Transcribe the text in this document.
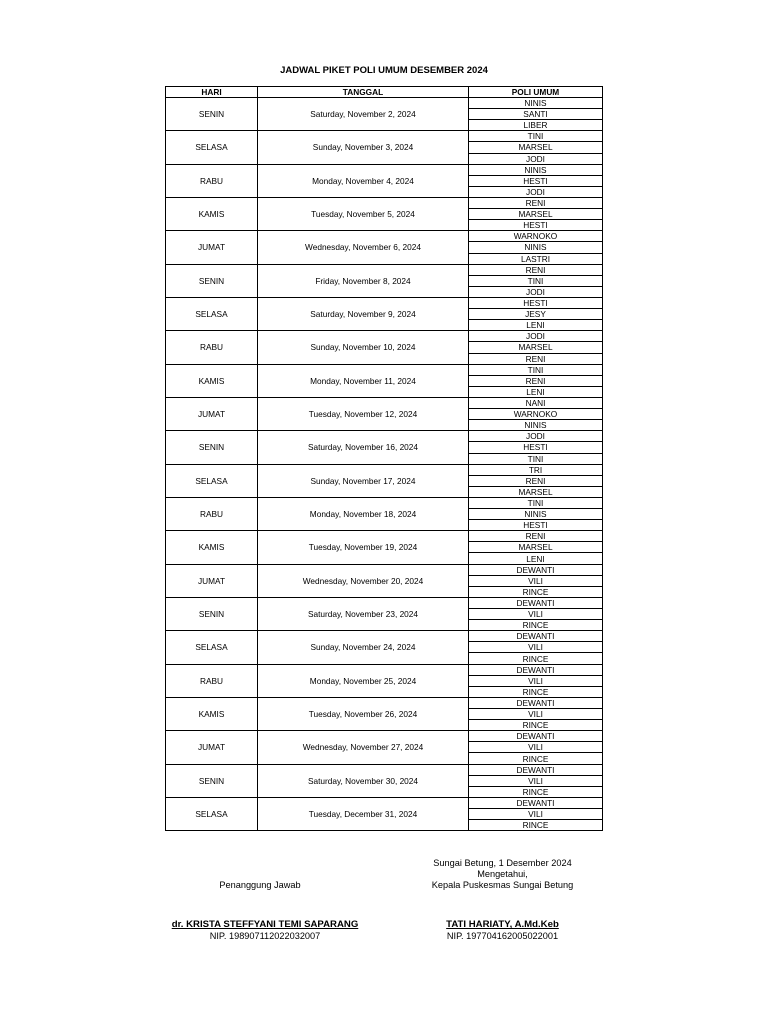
JADWAL PIKET POLI UMUM DESEMBER 2024
HARI	TANGGAL	POLI UMUM
SENIN	Saturday, November 2, 2024	NINIS
		SANTI
		LIBER
SELASA	Sunday, November 3, 2024	TINI
		MARSEL
		JODI
RABU	Monday, November 4, 2024	NINIS
		HESTI
		JODI
KAMIS	Tuesday, November 5, 2024	RENI
		MARSEL
		HESTI
JUMAT	Wednesday, November 6, 2024	WARNOKO
		NINIS
		LASTRI
SENIN	Friday, November 8, 2024	RENI
		TINI
		JODI
SELASA	Saturday, November 9, 2024	HESTI
		JESY
		LENI
RABU	Sunday, November 10, 2024	JODI
		MARSEL
		RENI
KAMIS	Monday, November 11, 2024	TINI
		RENI
		LENI
JUMAT	Tuesday, November 12, 2024	NANI
		WARNOKO
		NINIS
SENIN	Saturday, November 16, 2024	JODI
		HESTI
		TINI
SELASA	Sunday, November 17, 2024	TRI
		RENI
		MARSEL
RABU	Monday, November 18, 2024	TINI
		NINIS
		HESTI
KAMIS	Tuesday, November 19, 2024	RENI
		MARSEL
		LENI
JUMAT	Wednesday, November 20, 2024	DEWANTI
		VILI
		RINCE
SENIN	Saturday, November 23, 2024	DEWANTI
		VILI
		RINCE
SELASA	Sunday, November 24, 2024	DEWANTI
		VILI
		RINCE
RABU	Monday, November 25, 2024	DEWANTI
		VILI
		RINCE
KAMIS	Tuesday, November 26, 2024	DEWANTI
		VILI
		RINCE
JUMAT	Wednesday, November 27, 2024	DEWANTI
		VILI
		RINCE
SENIN	Saturday, November 30, 2024	DEWANTI
		VILI
		RINCE
SELASA	Tuesday, December 31, 2024	DEWANTI
		VILI
		RINCE
Penanggung Jawab
dr. KRISTA STEFFYANI TEMI SAPARANG
NIP. 198907112022032007
Sungai Betung, 1 Desember 2024
Mengetahui,
Kepala Puskesmas Sungai Betung
TATI HARIATY, A.Md.Keb
NIP. 197704162005022001
